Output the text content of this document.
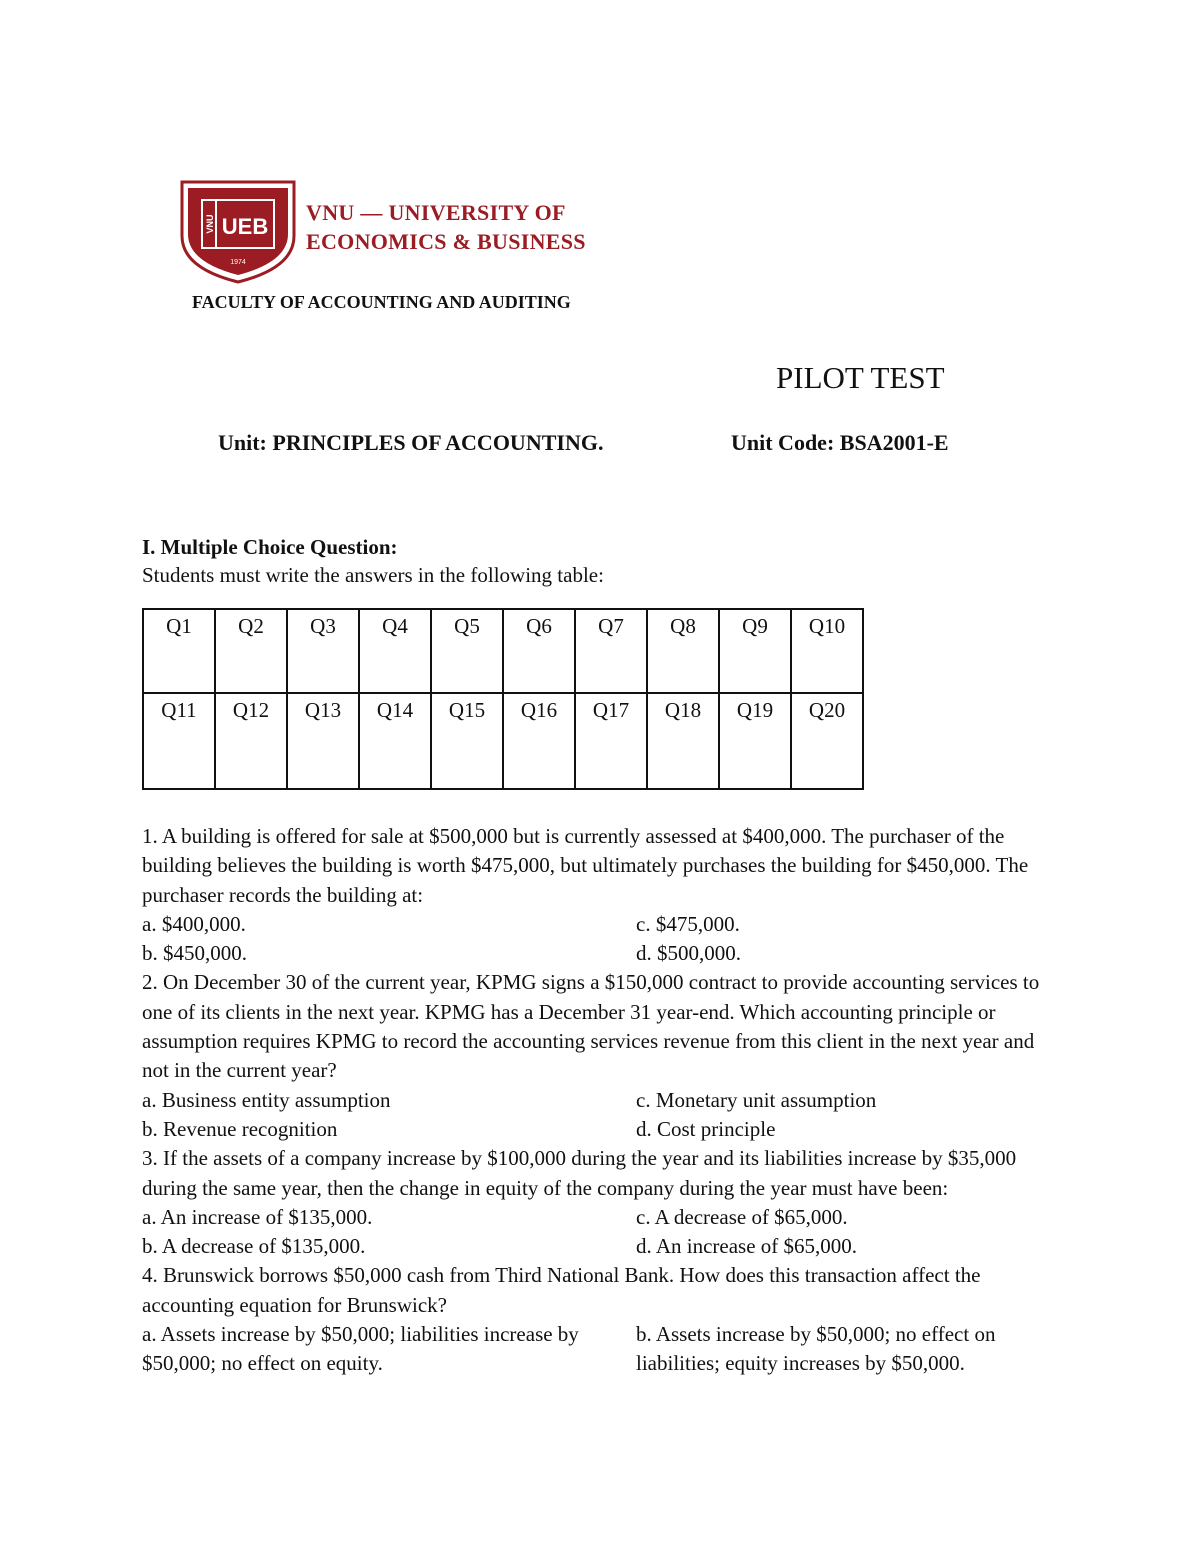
VNU UEB
1974
VNU — UNIVERSITY OF
ECONOMICS & BUSINESS
FACULTY OF ACCOUNTING AND AUDITING
PILOT TEST
Unit: PRINCIPLES OF ACCOUNTING.	Unit Code: BSA2001-E
I. Multiple Choice Question:
Students must write the answers in the following table:
Q1	Q2	Q3	Q4	Q5	Q6	Q7	Q8	Q9	Q10
Q11	Q12	Q13	Q14	Q15	Q16	Q17	Q18	Q19	Q20

1. A building is offered for sale at $500,000 but is currently assessed at $400,000. The purchaser of the building believes the building is worth $475,000, but ultimately purchases the building for $450,000. The purchaser records the building at:

a. $400,000.	c. $475,000.

b. $450,000.	d. $500,000.

2. On December 30 of the current year, KPMG signs a $150,000 contract to provide accounting services to one of its clients in the next year. KPMG has a December 31 year-end. Which accounting principle or assumption requires KPMG to record the accounting services revenue from this client in the next year and not in the current year?

a. Business entity assumption	c. Monetary unit assumption

b. Revenue recognition	d. Cost principle

3. If the assets of a company increase by $100,000 during the year and its liabilities increase by $35,000 during the same year, then the change in equity of the company during the year must have been:

a. An increase of $135,000.	c. A decrease of $65,000.

b. A decrease of $135,000.	d. An increase of $65,000.

4. Brunswick borrows $50,000 cash from Third National Bank. How does this transaction affect the accounting equation for Brunswick?

a. Assets increase by $50,000; liabilities increase by $50,000; no effect on equity.

b. Assets increase by $50,000; no effect on liabilities; equity increases by $50,000.
